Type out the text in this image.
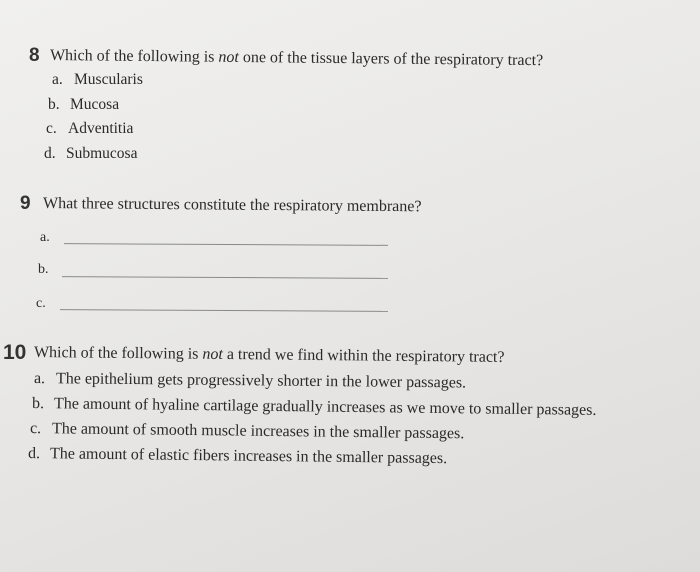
8 Which of the following is not one of the tissue layers of the respiratory tract?
a. Muscularis
b. Mucosa
c. Adventitia
d. Submucosa
9 What three structures constitute the respiratory membrane?
a.
b.
c.
10 Which of the following is not a trend we find within the respiratory tract?
a. The epithelium gets progressively shorter in the lower passages.
b. The amount of hyaline cartilage gradually increases as we move to smaller passages.
c. The amount of smooth muscle increases in the smaller passages.
d. The amount of elastic fibers increases in the smaller passages.
